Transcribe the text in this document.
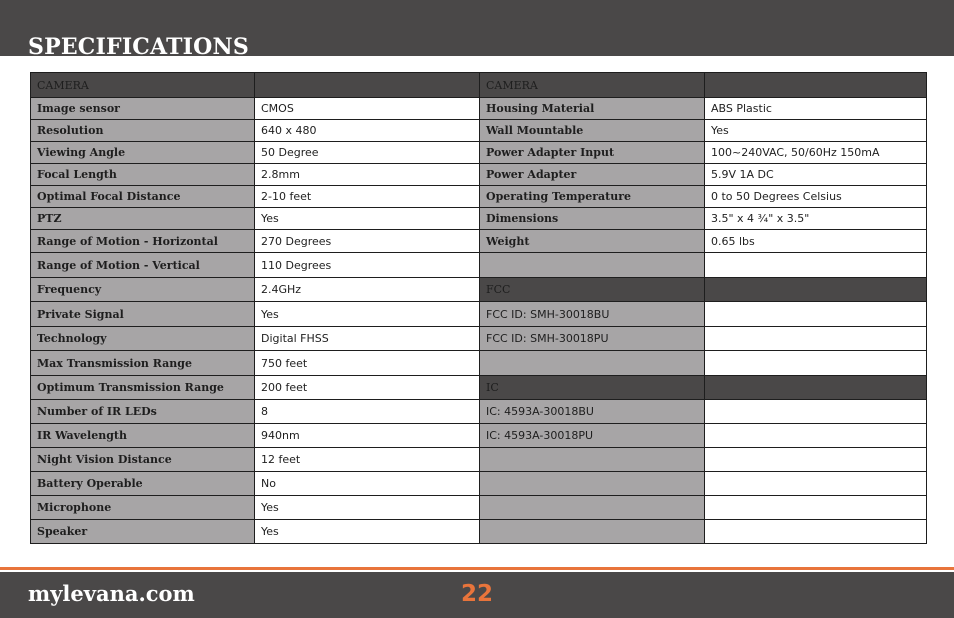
SPECIFICATIONS
CAMERA		CAMERA	
Image sensor	CMOS	Housing Material	ABS Plastic
Resolution	640 x 480	Wall Mountable	Yes
Viewing Angle	50 Degree	Power Adapter Input	100~240VAC, 50/60Hz 150mA
Focal Length	2.8mm	Power Adapter	5.9V 1A DC
Optimal Focal Distance	2-10 feet	Operating Temperature	0 to 50 Degrees Celsius
PTZ	Yes	Dimensions	3.5" x 4 ¾" x 3.5"
Range of Motion - Horizontal	270 Degrees	Weight	0.65 lbs
Range of Motion - Vertical	110 Degrees		
Frequency	2.4GHz	FCC	
Private Signal	Yes	FCC ID: SMH-30018BU	
Technology	Digital FHSS	FCC ID: SMH-30018PU	
Max Transmission Range	750 feet		
Optimum Transmission Range	200 feet	IC	
Number of IR LEDs	8	IC: 4593A-30018BU	
IR Wavelength	940nm	IC: 4593A-30018PU	
Night Vision Distance	12 feet		
Battery Operable	No		
Microphone	Yes		
Speaker	Yes		
mylevana.com	22
